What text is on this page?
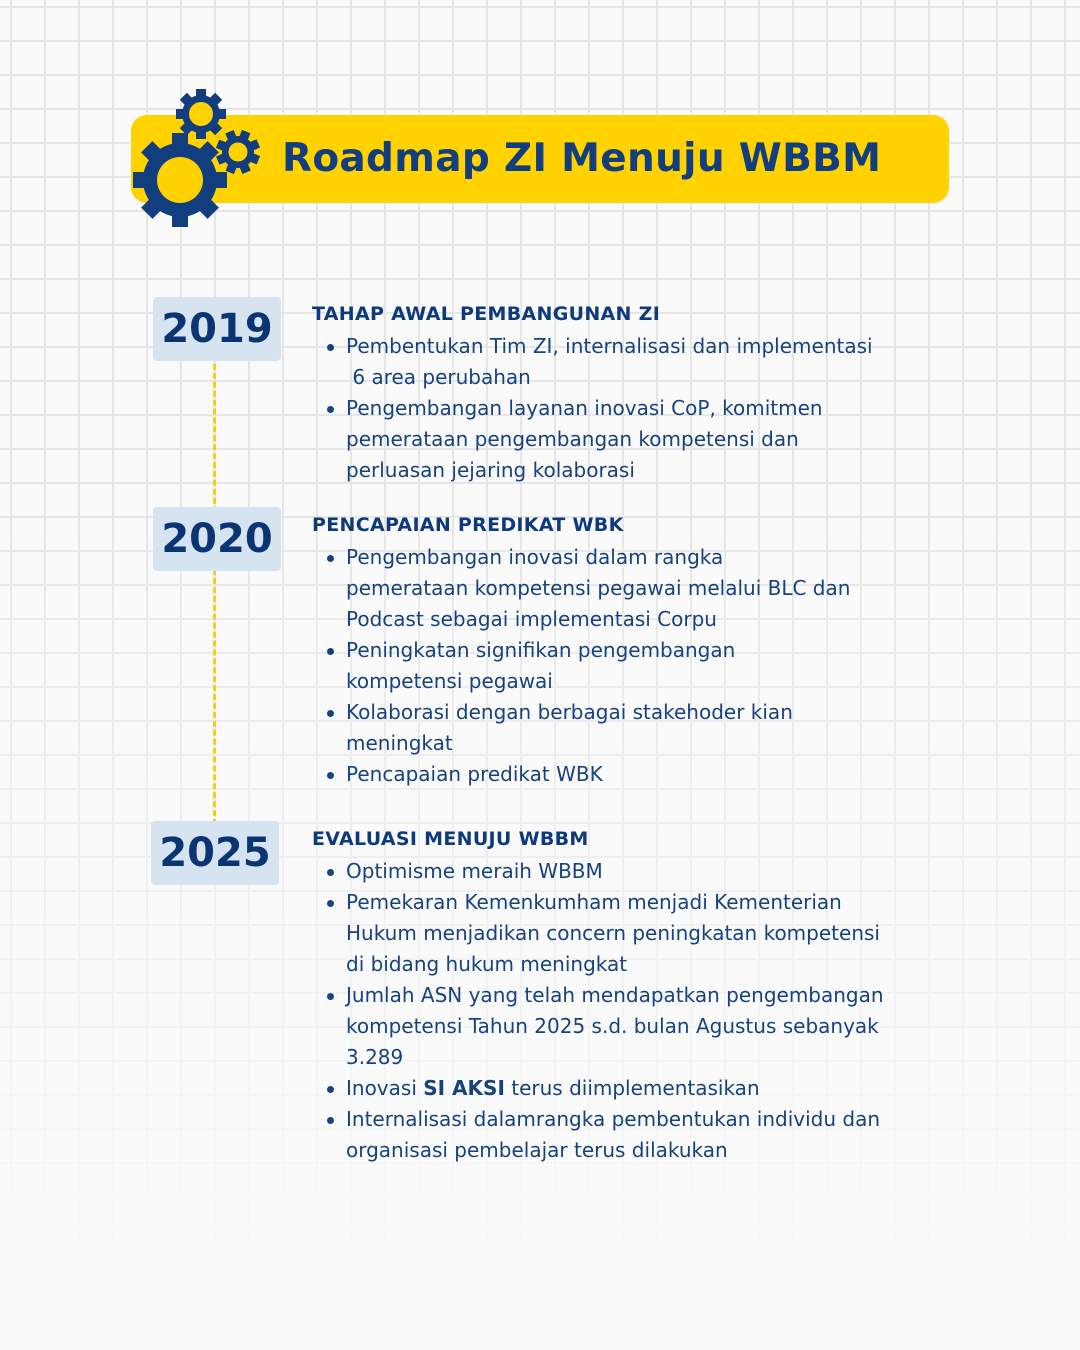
Roadmap ZI Menuju WBBM
2019	TAHAP AWAL PEMBANGUNAN ZI
Pembentukan Tim ZI, internalisasi dan implementasi
6 area perubahan
Pengembangan layanan inovasi CoP, komitmen
pemerataan pengembangan kompetensi dan
perluasan jejaring kolaborasi
2020	PENCAPAIAN PREDIKAT WBK
Pengembangan inovasi dalam rangka
pemerataan kompetensi pegawai melalui BLC dan
Podcast sebagai implementasi Corpu
Peningkatan signifikan pengembangan
kompetensi pegawai
Kolaborasi dengan berbagai stakehoder kian
meningkat
Pencapaian predikat WBK
2025	EVALUASI MENUJU WBBM
Optimisme meraih WBBM
Pemekaran Kemenkumham menjadi Kementerian
Hukum menjadikan concern peningkatan kompetensi
di bidang hukum meningkat
Jumlah ASN yang telah mendapatkan pengembangan
kompetensi Tahun 2025 s.d. bulan Agustus sebanyak
3.289
Inovasi SI AKSI terus diimplementasikan
Internalisasi dalamrangka pembentukan individu dan
organisasi pembelajar terus dilakukan
